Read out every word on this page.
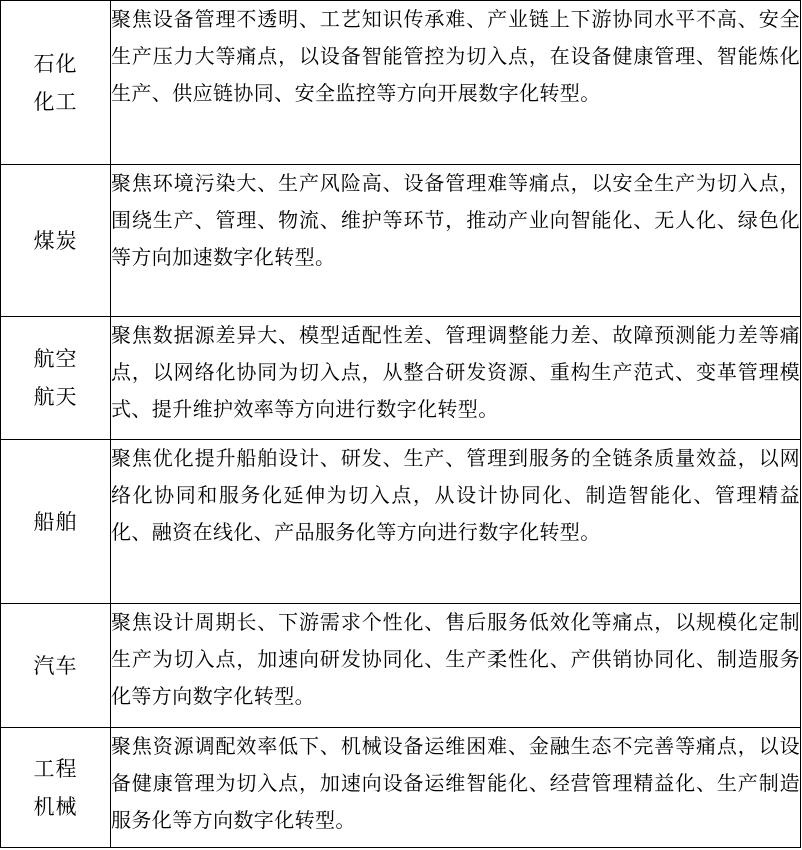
石化
化工	聚焦设备管理不透明、工艺知识传承难、产业链上下游协同水平不高、安全生产压力大等痛点，以设备智能管控为切入点，在设备健康管理、智能炼化生产、供应链协同、安全监控等方向开展数字化转型。

煤炭	聚焦环境污染大、生产风险高、设备管理难等痛点，以安全生产为切入点，围绕生产、管理、物流、维护等环节，推动产业向智能化、无人化、绿色化等方向加速数字化转型。

航空
航天	聚焦数据源差异大、模型适配性差、管理调整能力差、故障预测能力差等痛点，以网络化协同为切入点，从整合研发资源、重构生产范式、变革管理模式、提升维护效率等方向进行数字化转型。

船舶	聚焦优化提升船舶设计、研发、生产、管理到服务的全链条质量效益，以网络化协同和服务化延伸为切入点，从设计协同化、制造智能化、管理精益化、融资在线化、产品服务化等方向进行数字化转型。

汽车	聚焦设计周期长、下游需求个性化、售后服务低效化等痛点，以规模化定制生产为切入点，加速向研发协同化、生产柔性化、产供销协同化、制造服务化等方向数字化转型。

工程
机械	聚焦资源调配效率低下、机械设备运维困难、金融生态不完善等痛点，以设备健康管理为切入点，加速向设备运维智能化、经营管理精益化、生产制造服务化等方向数字化转型。
